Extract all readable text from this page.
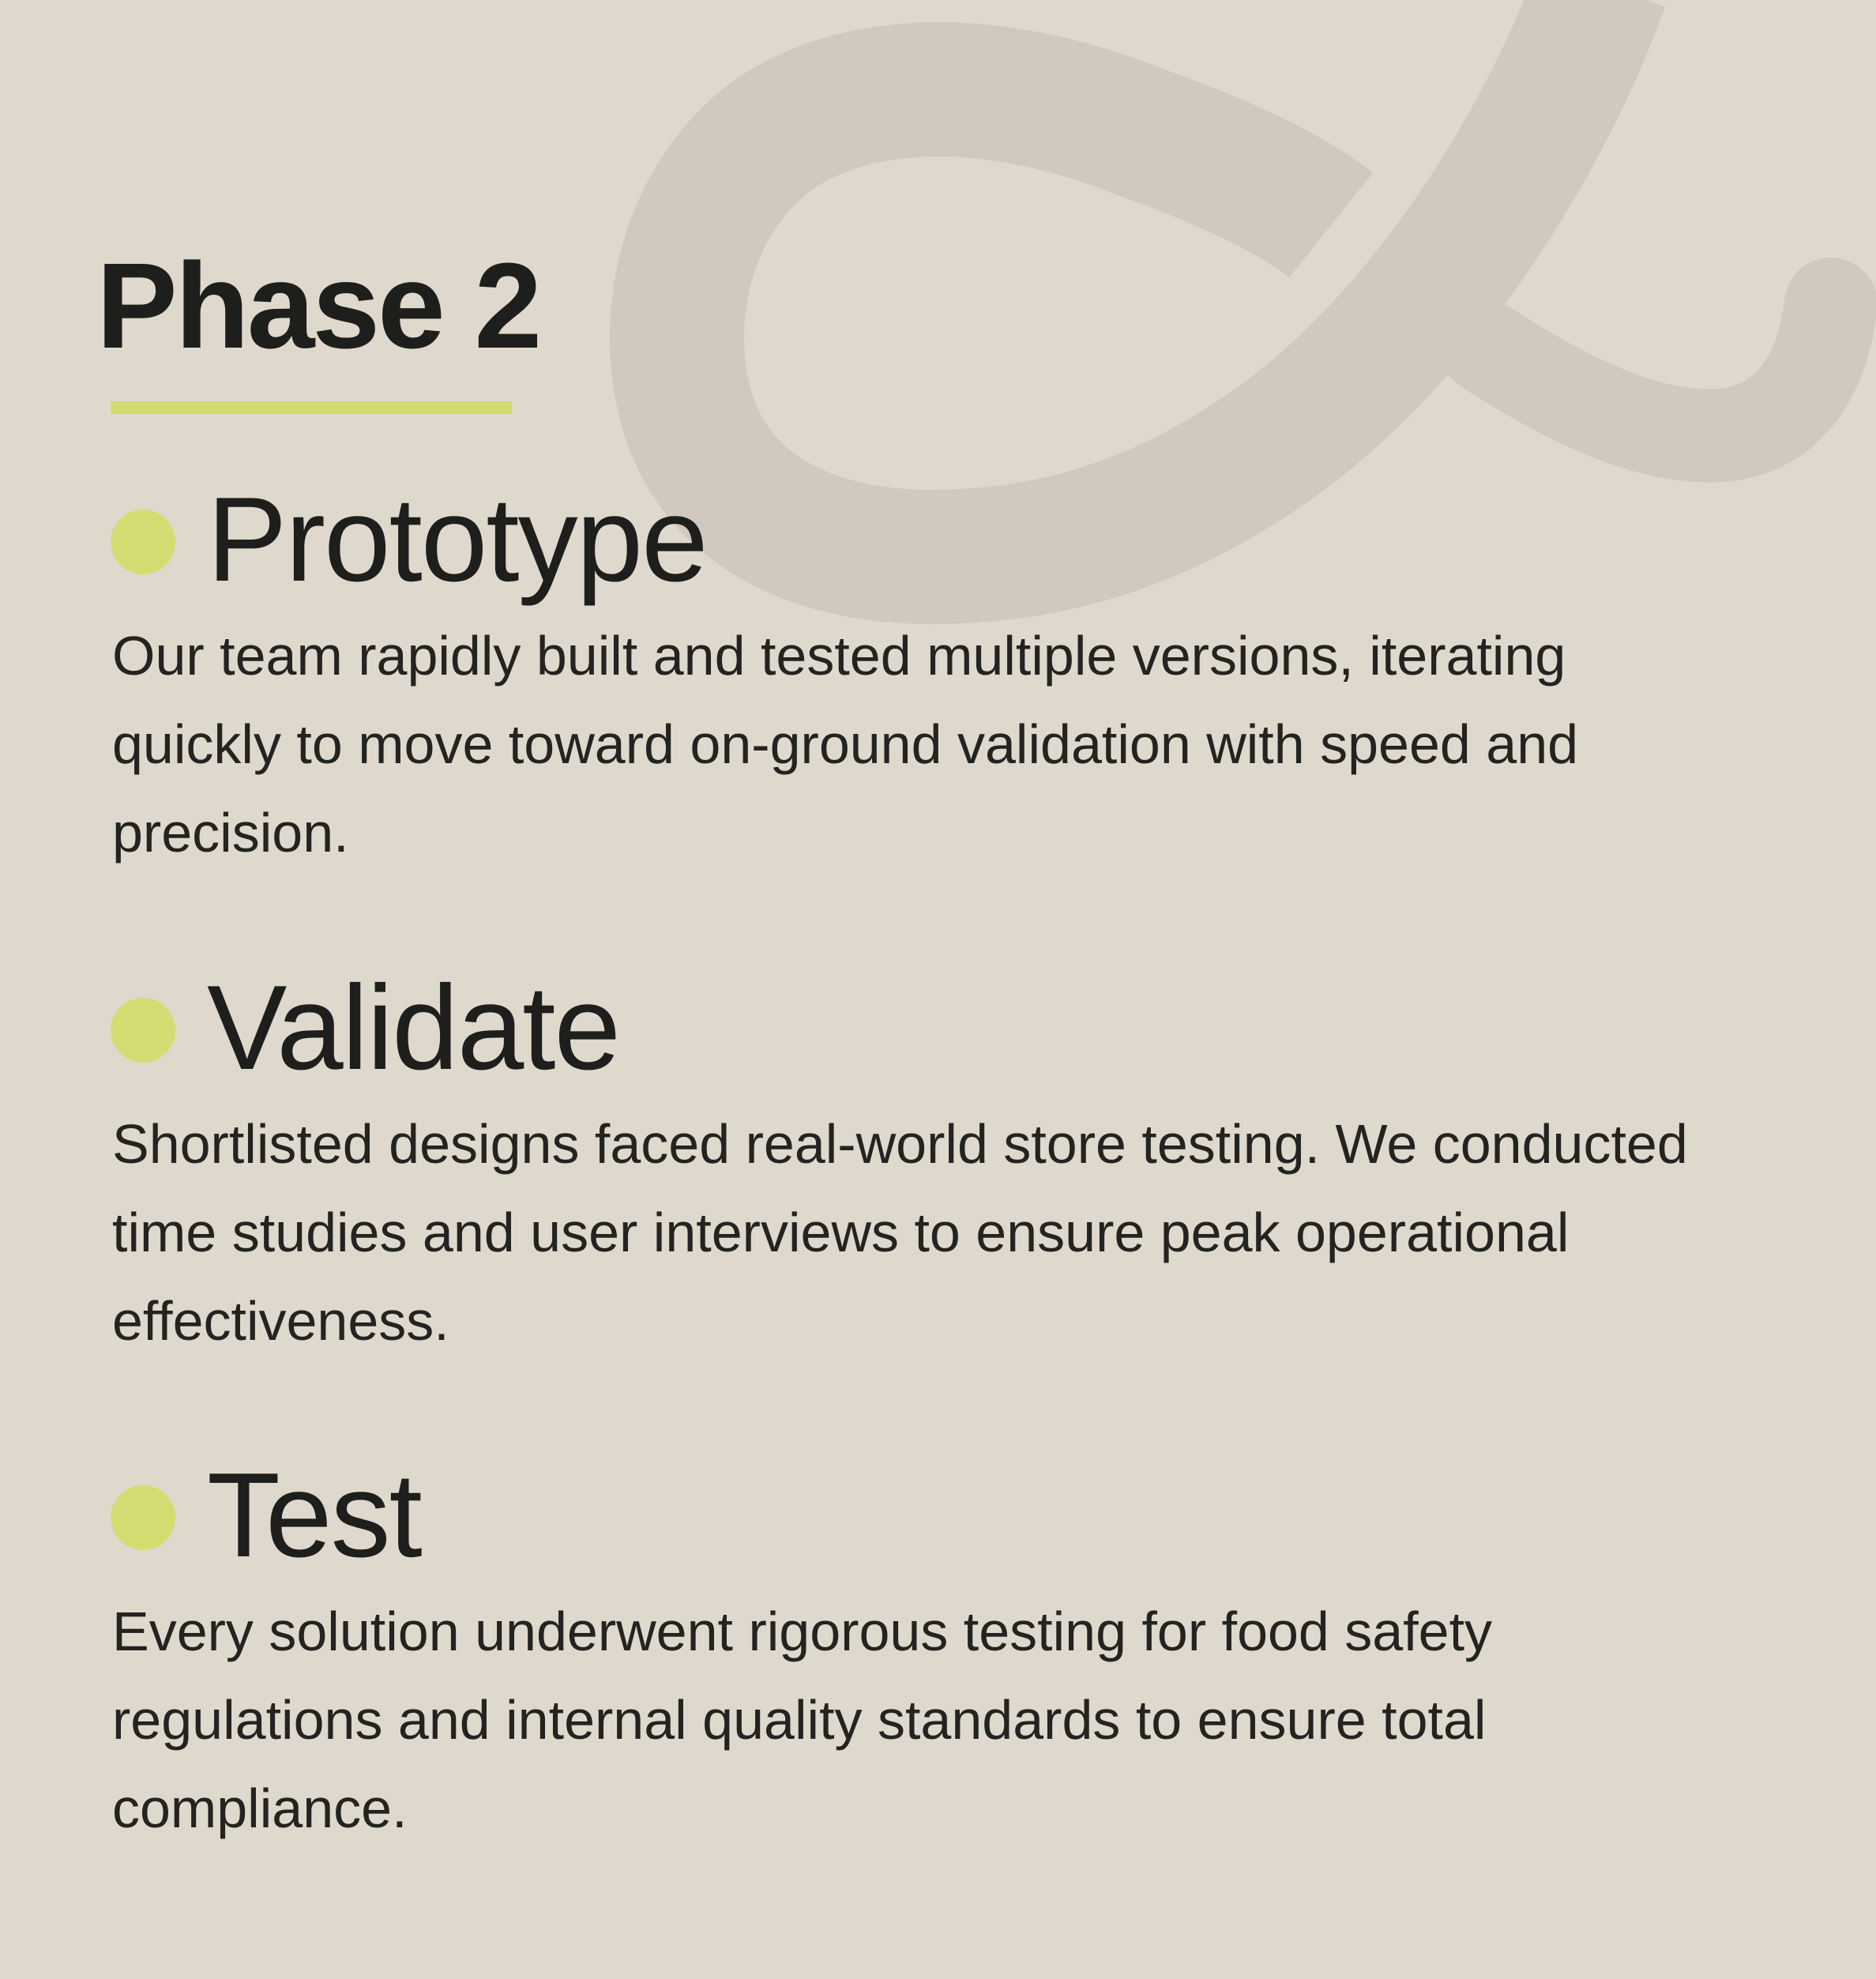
Phase 2
Prototype

Our team rapidly built and tested multiple versions, iterating quickly to move toward on-ground validation with speed and precision.

Validate

Shortlisted designs faced real-world store testing. We conducted time studies and user interviews to ensure peak operational effectiveness.

Test

Every solution underwent rigorous testing for food safety regulations and internal quality standards to ensure total compliance.
